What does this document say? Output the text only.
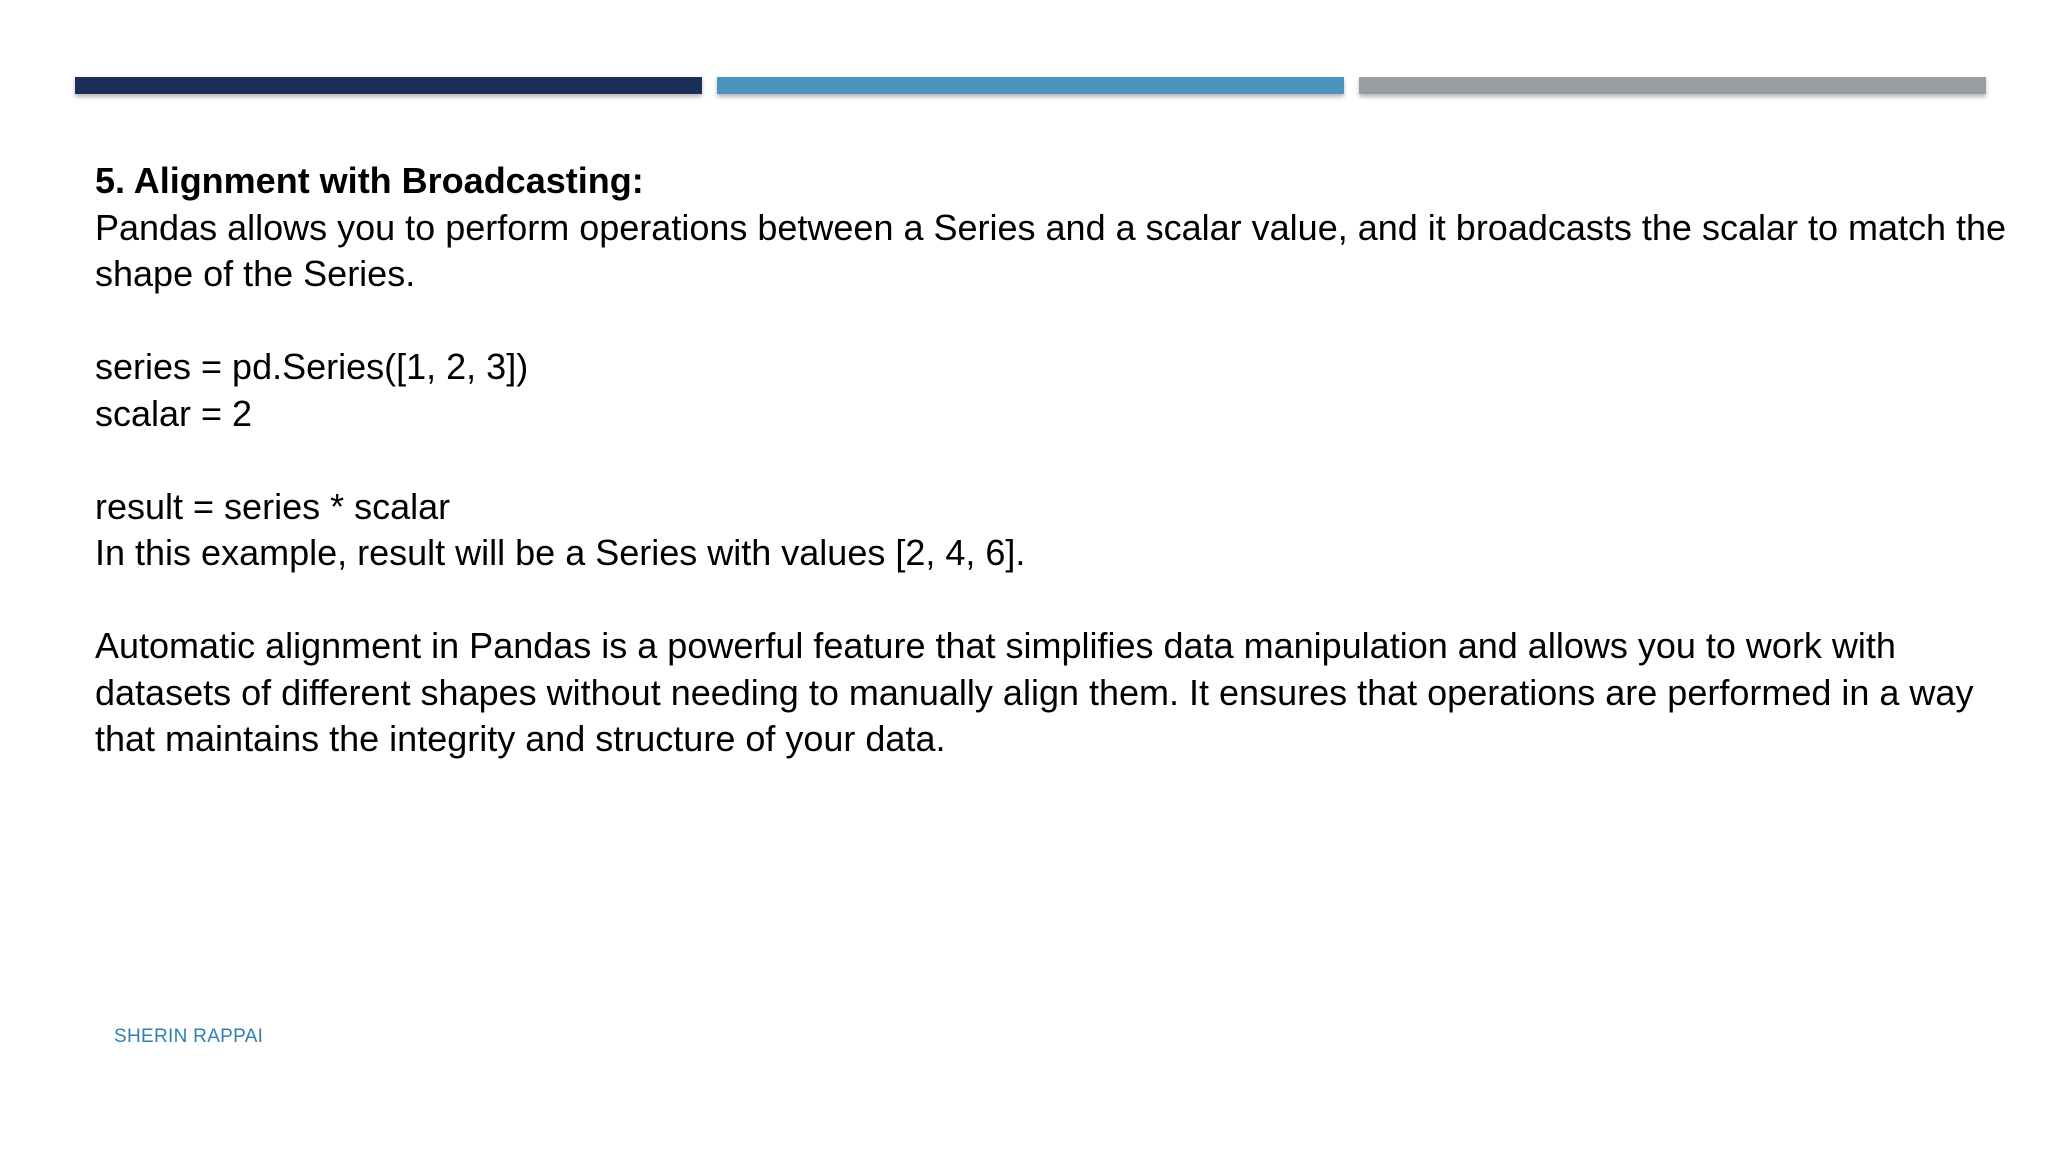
5. Alignment with Broadcasting:
Pandas allows you to perform operations between a Series and a scalar value, and it broadcasts the scalar to match the
shape of the Series.
series = pd.Series([1, 2, 3])
scalar = 2
result = series * scalar
In this example, result will be a Series with values [2, 4, 6].
Automatic alignment in Pandas is a powerful feature that simplifies data manipulation and allows you to work with
datasets of different shapes without needing to manually align them. It ensures that operations are performed in a way
that maintains the integrity and structure of your data.
SHERIN RAPPAI
